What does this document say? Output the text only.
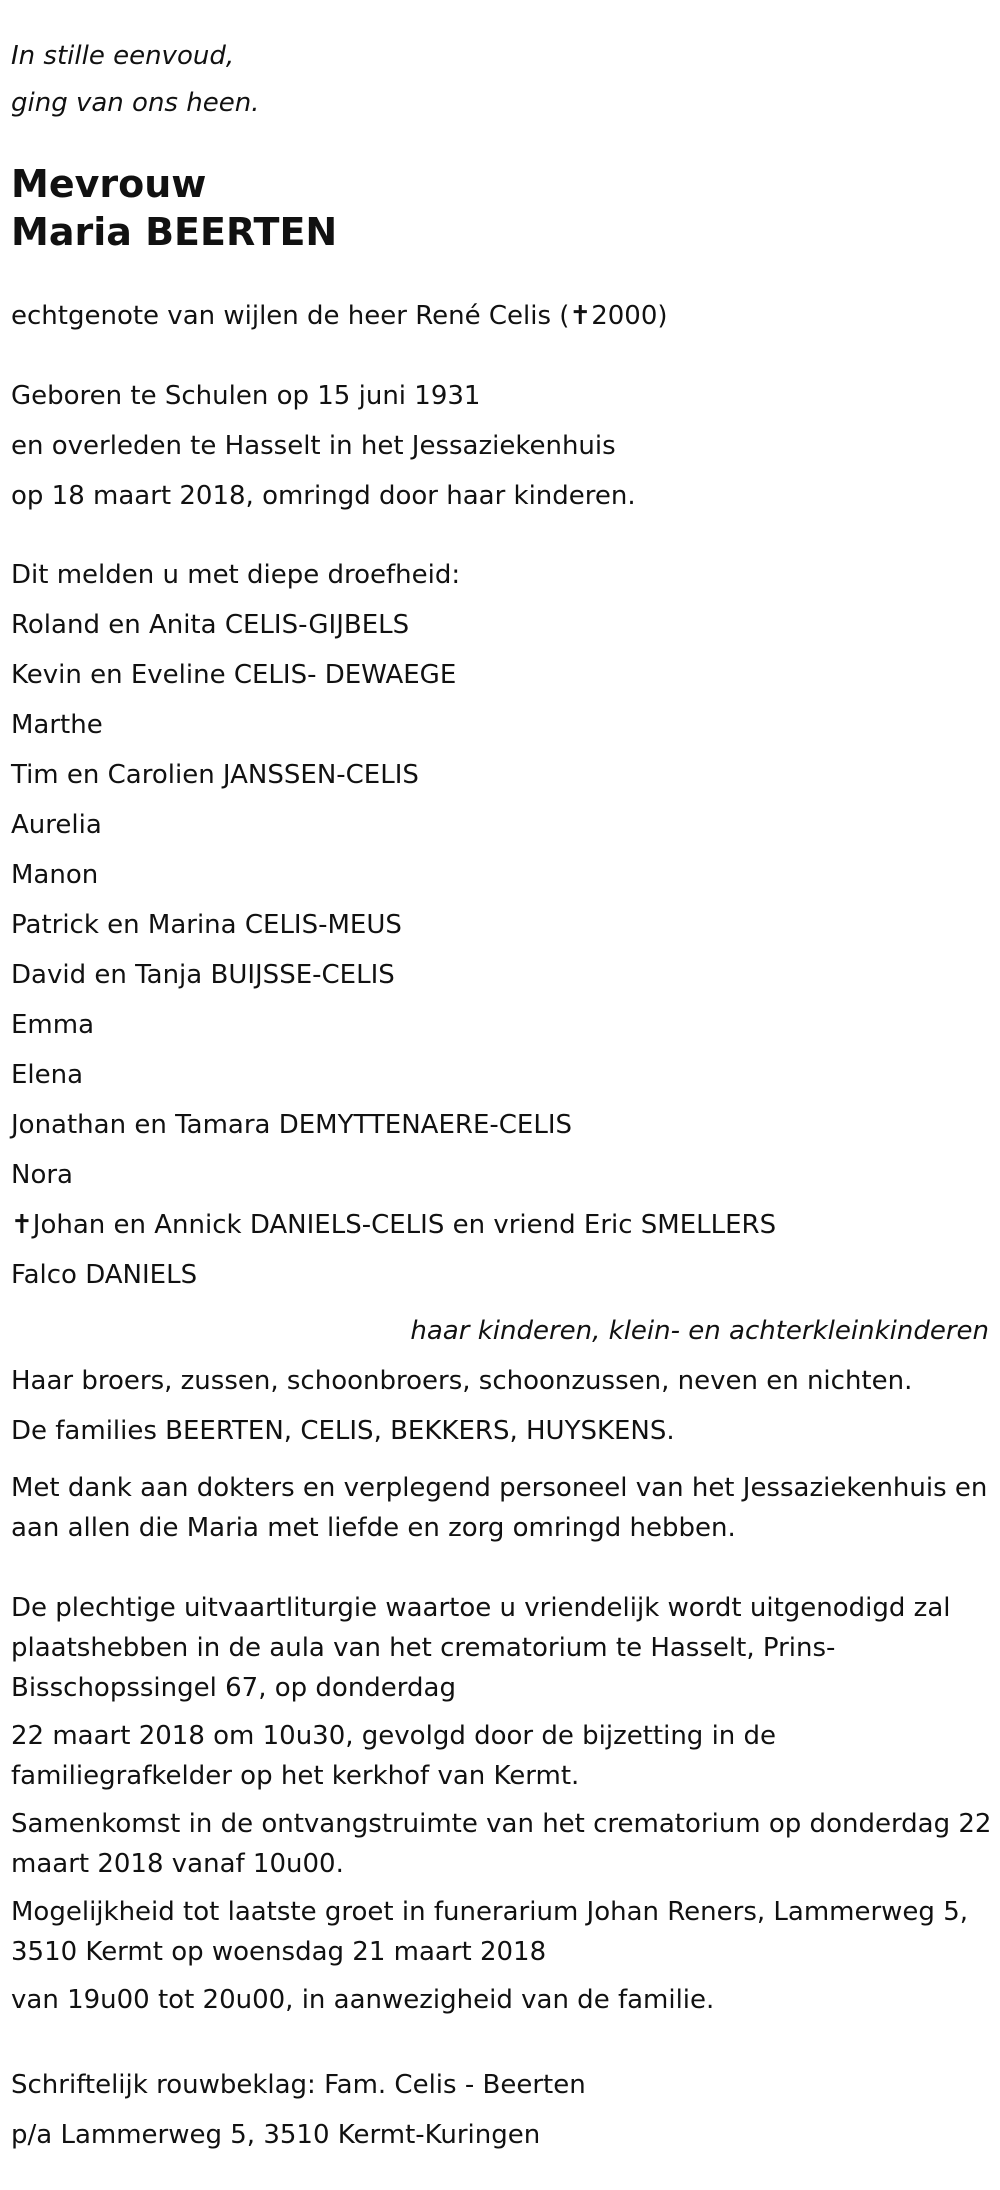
In stille eenvoud,
ging van ons heen.
Mevrouw
Maria BEERTEN
echtgenote van wijlen de heer René Celis (✝2000)
Geboren te Schulen op 15 juni 1931
en overleden te Hasselt in het Jessaziekenhuis
op 18 maart 2018, omringd door haar kinderen.
Dit melden u met diepe droefheid:
Roland en Anita CELIS-GIJBELS
Kevin en Eveline CELIS- DEWAEGE
Marthe
Tim en Carolien JANSSEN-CELIS
Aurelia
Manon
Patrick en Marina CELIS-MEUS
David en Tanja BUIJSSE-CELIS
Emma
Elena
Jonathan en Tamara DEMYTTENAERE-CELIS
Nora
✝Johan en Annick DANIELS-CELIS en vriend Eric SMELLERS
Falco DANIELS
haar kinderen, klein- en achterkleinkinderen
Haar broers, zussen, schoonbroers, schoonzussen, neven en nichten.
De families BEERTEN, CELIS, BEKKERS, HUYSKENS.
Met dank aan dokters en verplegend personeel van het Jessaziekenhuis en aan allen die Maria met liefde en zorg omringd hebben.
De plechtige uitvaartliturgie waartoe u vriendelijk wordt uitgenodigd zal plaatshebben in de aula van het crematorium te Hasselt, Prins-Bisschopssingel 67, op donderdag
22 maart 2018 om 10u30, gevolgd door de bijzetting in de familiegrafkelder op het kerkhof van Kermt.
Samenkomst in de ontvangstruimte van het crematorium op donderdag 22 maart 2018 vanaf 10u00.
Mogelijkheid tot laatste groet in funerarium Johan Reners, Lammerweg 5, 3510 Kermt op woensdag 21 maart 2018
van 19u00 tot 20u00, in aanwezigheid van de familie.
Schriftelijk rouwbeklag: Fam. Celis - Beerten
p/a Lammerweg 5, 3510 Kermt-Kuringen
